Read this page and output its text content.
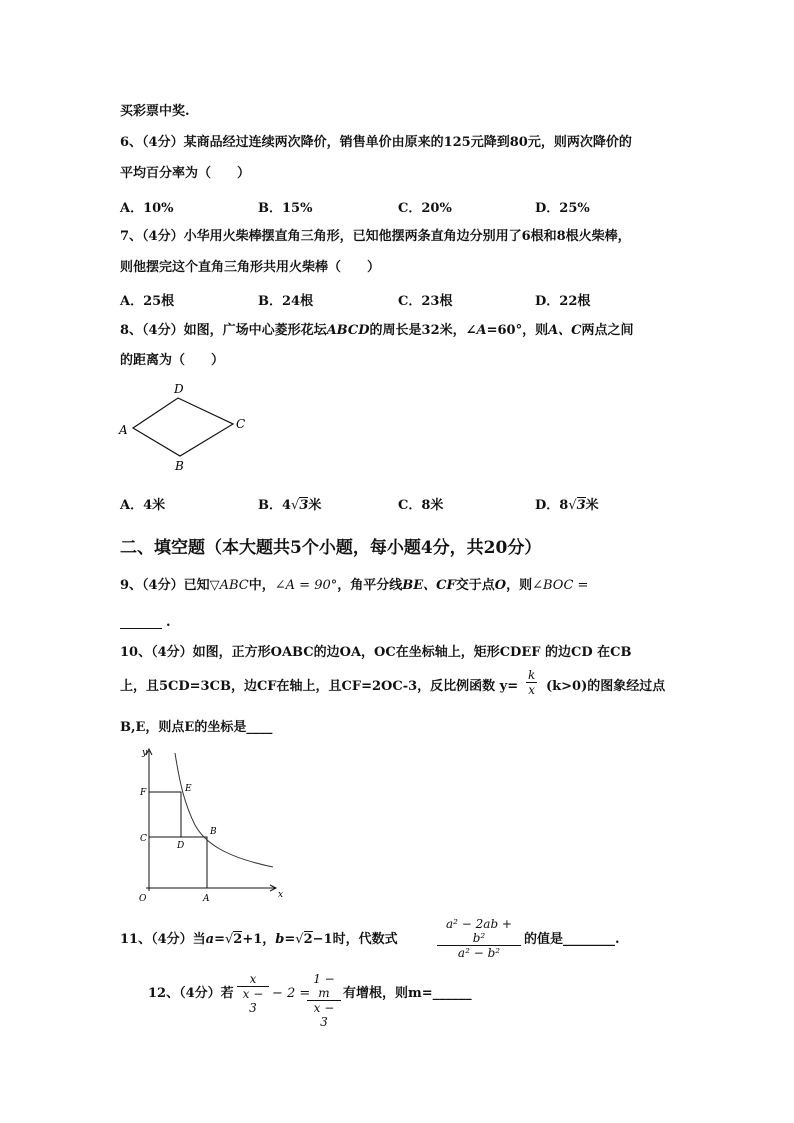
买彩票中奖.
6、（4分）某商品经过连续两次降价，销售单价由原来的125元降到80元，则两次降价的
平均百分率为（　　）
A．10%	B．15%	C．20%	D．25%
7、（4分）小华用火柴棒摆直角三角形，已知他摆两条直角边分别用了6根和8根火柴棒，
则他摆完这个直角三角形共用火柴棒（　　）
A．25根	B．24根	C．23根	D．22根
8、（4分）如图，广场中心菱形花坛ABCD的周长是32米，∠A=60°，则A、C两点之间
的距离为（　　）
A
D
C
B
A．4米	B．4√3米	C．8米	D．8√3米
二、填空题（本大题共5个小题，每小题4分，共20分）
9、（4分）已知▽ABC中，∠A = 90°，角平分线BE、CF交于点O，则∠BOC =
.
10、（4分）如图，正方形OABC的边OA，OC在坐标轴上，矩形CDEF 的边CD 在CB
上，且5CD=3CB，边CF在轴上，且CF=2OC-3，反比例函数 y=
k
x (k>0)的图象经过点
B,E，则点E的坐标是____
y
x
F	E
C
B
D
O	A
11、（4分）当a=√2+1，b=√2−1时，代数式
a² − 2ab + b²
a² − b²
的值是________.
12、（4分）若
x
x − 3
− 2 =
1 − m
x − 3
有增根，则m=______
